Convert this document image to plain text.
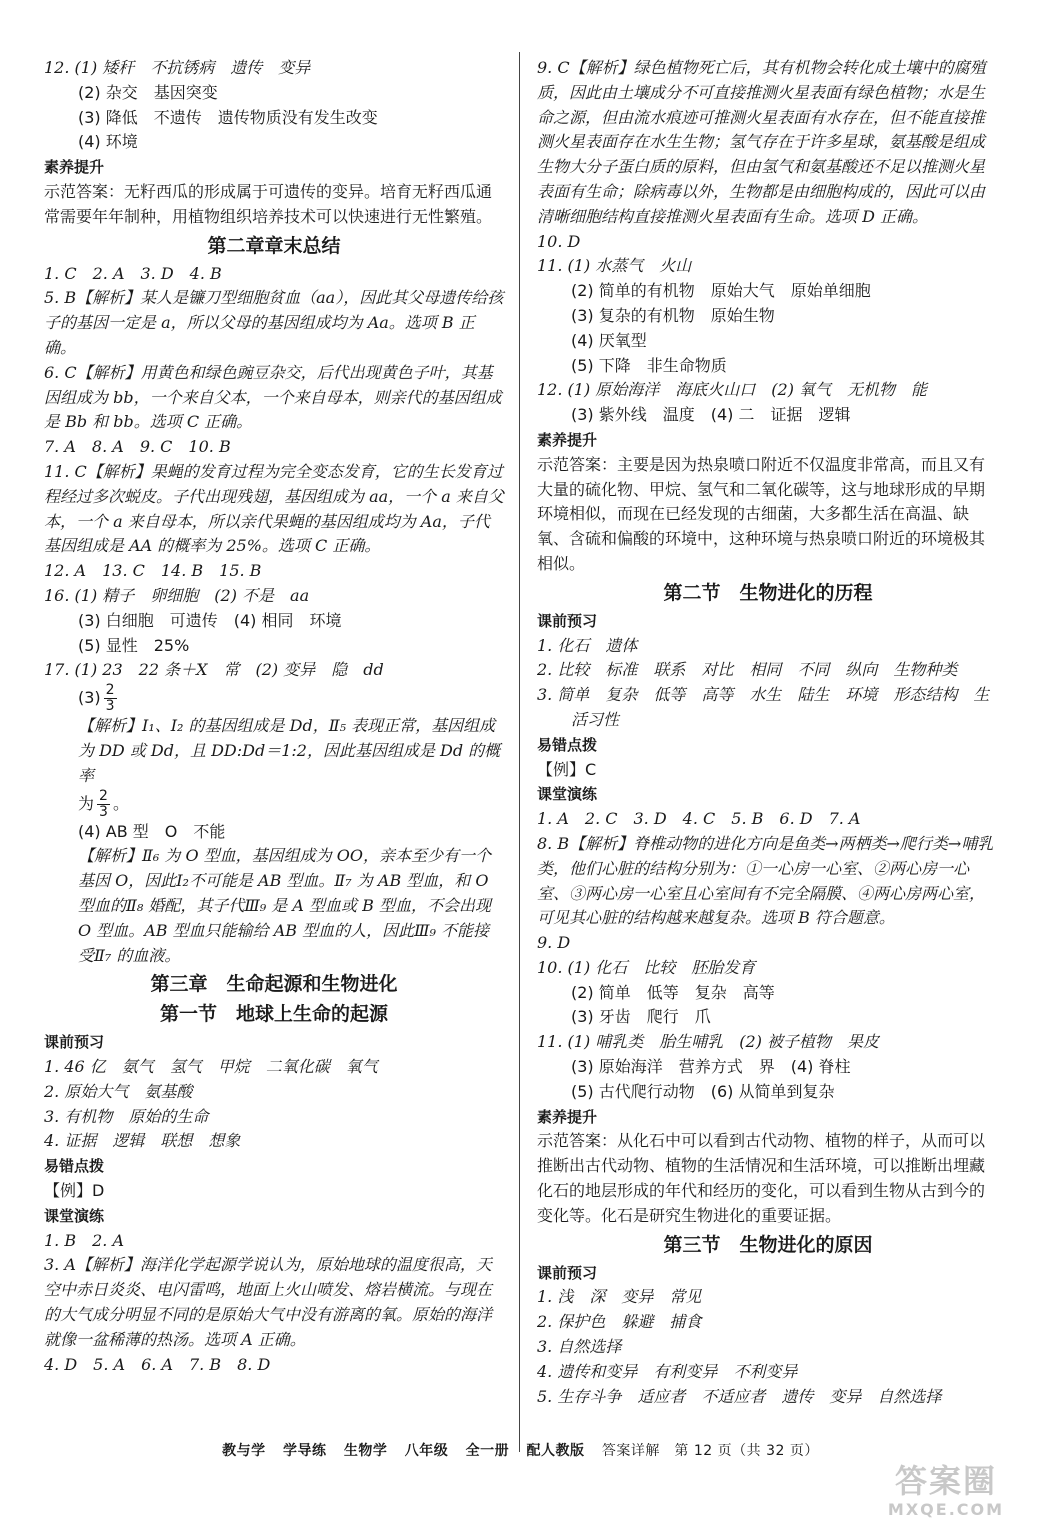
12. (1) 矮秆　不抗锈病　遗传　变异

(2) 杂交　基因突变

(3) 降低　不遗传　遗传物质没有发生改变

(4) 环境

素养提升

示范答案：无籽西瓜的形成属于可遗传的变异。培育无籽西瓜通常需要年年制种，用植物组织培养技术可以快速进行无性繁殖。

第二章章末总结

1. C　2. A　3. D　4. B

5. B【解析】某人是镰刀型细胞贫血（aa），因此其父母遗传给孩子的基因一定是 a，所以父母的基因组成均为 Aa。选项 B 正确。

6. C【解析】用黄色和绿色豌豆杂交，后代出现黄色子叶，其基因组成为 bb，一个来自父本，一个来自母本，则亲代的基因组成是 Bb 和 bb。选项 C 正确。

7. A　8. A　9. C　10. B

11. C【解析】果蝇的发育过程为完全变态发育，它的生长发育过程经过多次蜕皮。子代出现残翅，基因组成为 aa，一个 a 来自父本，一个 a 来自母本，所以亲代果蝇的基因组成均为 Aa，子代基因组成是 AA 的概率为 25%。选项 C 正确。

12. A　13. C　14. B　15. B

16. (1) 精子　卵细胞　(2) 不是　aa

(3) 白细胞　可遗传　(4) 相同　环境

(5) 显性　25%

17. (1) 23　22 条＋X　常　(2) 变异　隐　dd

$(3) \frac{2}{3}$

【解析】Ⅰ₁、Ⅰ₂ 的基因组成是 Dd，Ⅱ₅ 表现正常，基因组成为 DD 或 Dd，且 DD:Dd＝1:2，因此基因组成是 Dd 的概率

为 $\frac{2}{3}$ 。

(4) AB 型　O　不能

【解析】Ⅱ₆ 为 O 型血，基因组成为 OO，亲本至少有一个基因 O，因此Ⅰ₂不可能是 AB 型血。Ⅱ₇ 为 AB 型血，和 O 型血的Ⅱ₈ 婚配，其子代Ⅲ₉ 是 A 型血或 B 型血，不会出现 O 型血。AB 型血只能输给 AB 型血的人，因此Ⅲ₉ 不能接受Ⅱ₇ 的血液。

第三章　生命起源和生物进化
第一节　地球上生命的起源
课前预习

1. 46 亿　氨气　氢气　甲烷　二氧化碳　氧气

2. 原始大气　氨基酸

3. 有机物　原始的生命

4. 证据　逻辑　联想　想象

易错点拨

【例】D

课堂演练

1. B　2. A

3. A【解析】海洋化学起源学说认为，原始地球的温度很高，天空中赤日炎炎、电闪雷鸣，地面上火山喷发、熔岩横流。与现在的大气成分明显不同的是原始大气中没有游离的氧。原始的海洋就像一盆稀薄的热汤。选项 A 正确。

4. D　5. A　6. A　7. B　8. D

9. C【解析】绿色植物死亡后，其有机物会转化成土壤中的腐殖质，因此由土壤成分不可直接推测火星表面有绿色植物；水是生命之源，但由流水痕迹可推测火星表面有水存在，但不能直接推测火星表面存在水生生物；氢气存在于许多星球，氨基酸是组成生物大分子蛋白质的原料，但由氢气和氨基酸还不足以推测火星表面有生命；除病毒以外，生物都是由细胞构成的，因此可以由清晰细胞结构直接推测火星表面有生命。选项 D 正确。

10. D

11. (1) 水蒸气　火山

(2) 简单的有机物　原始大气　原始单细胞

(3) 复杂的有机物　原始生物

(4) 厌氧型

(5) 下降　非生命物质

12. (1) 原始海洋　海底火山口　(2) 氧气　无机物　能

(3) 紫外线　温度　(4) 二　证据　逻辑

素养提升

示范答案：主要是因为热泉喷口附近不仅温度非常高，而且又有大量的硫化物、甲烷、氢气和二氧化碳等，这与地球形成的早期环境相似，而现在已经发现的古细菌，大多都生活在高温、缺氧、含硫和偏酸的环境中，这种环境与热泉喷口附近的环境极其相似。

第二节　生物进化的历程
课前预习

1. 化石　遗体

2. 比较　标准　联系　对比　相同　不同　纵向　生物种类

3. 简单　复杂　低等　高等　水生　陆生　环境　形态结构　生活习性

易错点拨

【例】C

课堂演练

1. A　2. C　3. D　4. C　5. B　6. D　7. A

8. B【解析】脊椎动物的进化方向是鱼类→两栖类→爬行类→哺乳类，他们心脏的结构分别为：①一心房一心室、②两心房一心室、③两心房一心室且心室间有不完全隔膜、④两心房两心室，可见其心脏的结构越来越复杂。选项 B 符合题意。

9. D

10. (1) 化石　比较　胚胎发育

(2) 简单　低等　复杂　高等

(3) 牙齿　爬行　爪

11. (1) 哺乳类　胎生哺乳　(2) 被子植物　果皮

(3) 原始海洋　营养方式　界　(4) 脊柱

(5) 古代爬行动物　(6) 从简单到复杂

素养提升

示范答案：从化石中可以看到古代动物、植物的样子，从而可以推断出古代动物、植物的生活情况和生活环境，可以推断出埋藏化石的地层形成的年代和经历的变化，可以看到生物从古到今的变化等。化石是研究生物进化的重要证据。

第三节　生物进化的原因
课前预习

1. 浅　深　变异　常见

2. 保护色　躲避　捕食

3. 自然选择

4. 遗传和变异　有利变异　不利变异

5. 生存斗争　适应者　不适应者　遗传　变异　自然选择

教与学 学导练 生物学 八年级 全一册 配人教版 答案详解　第 12 页（共 32 页）
答案圈
MXQE.COM
